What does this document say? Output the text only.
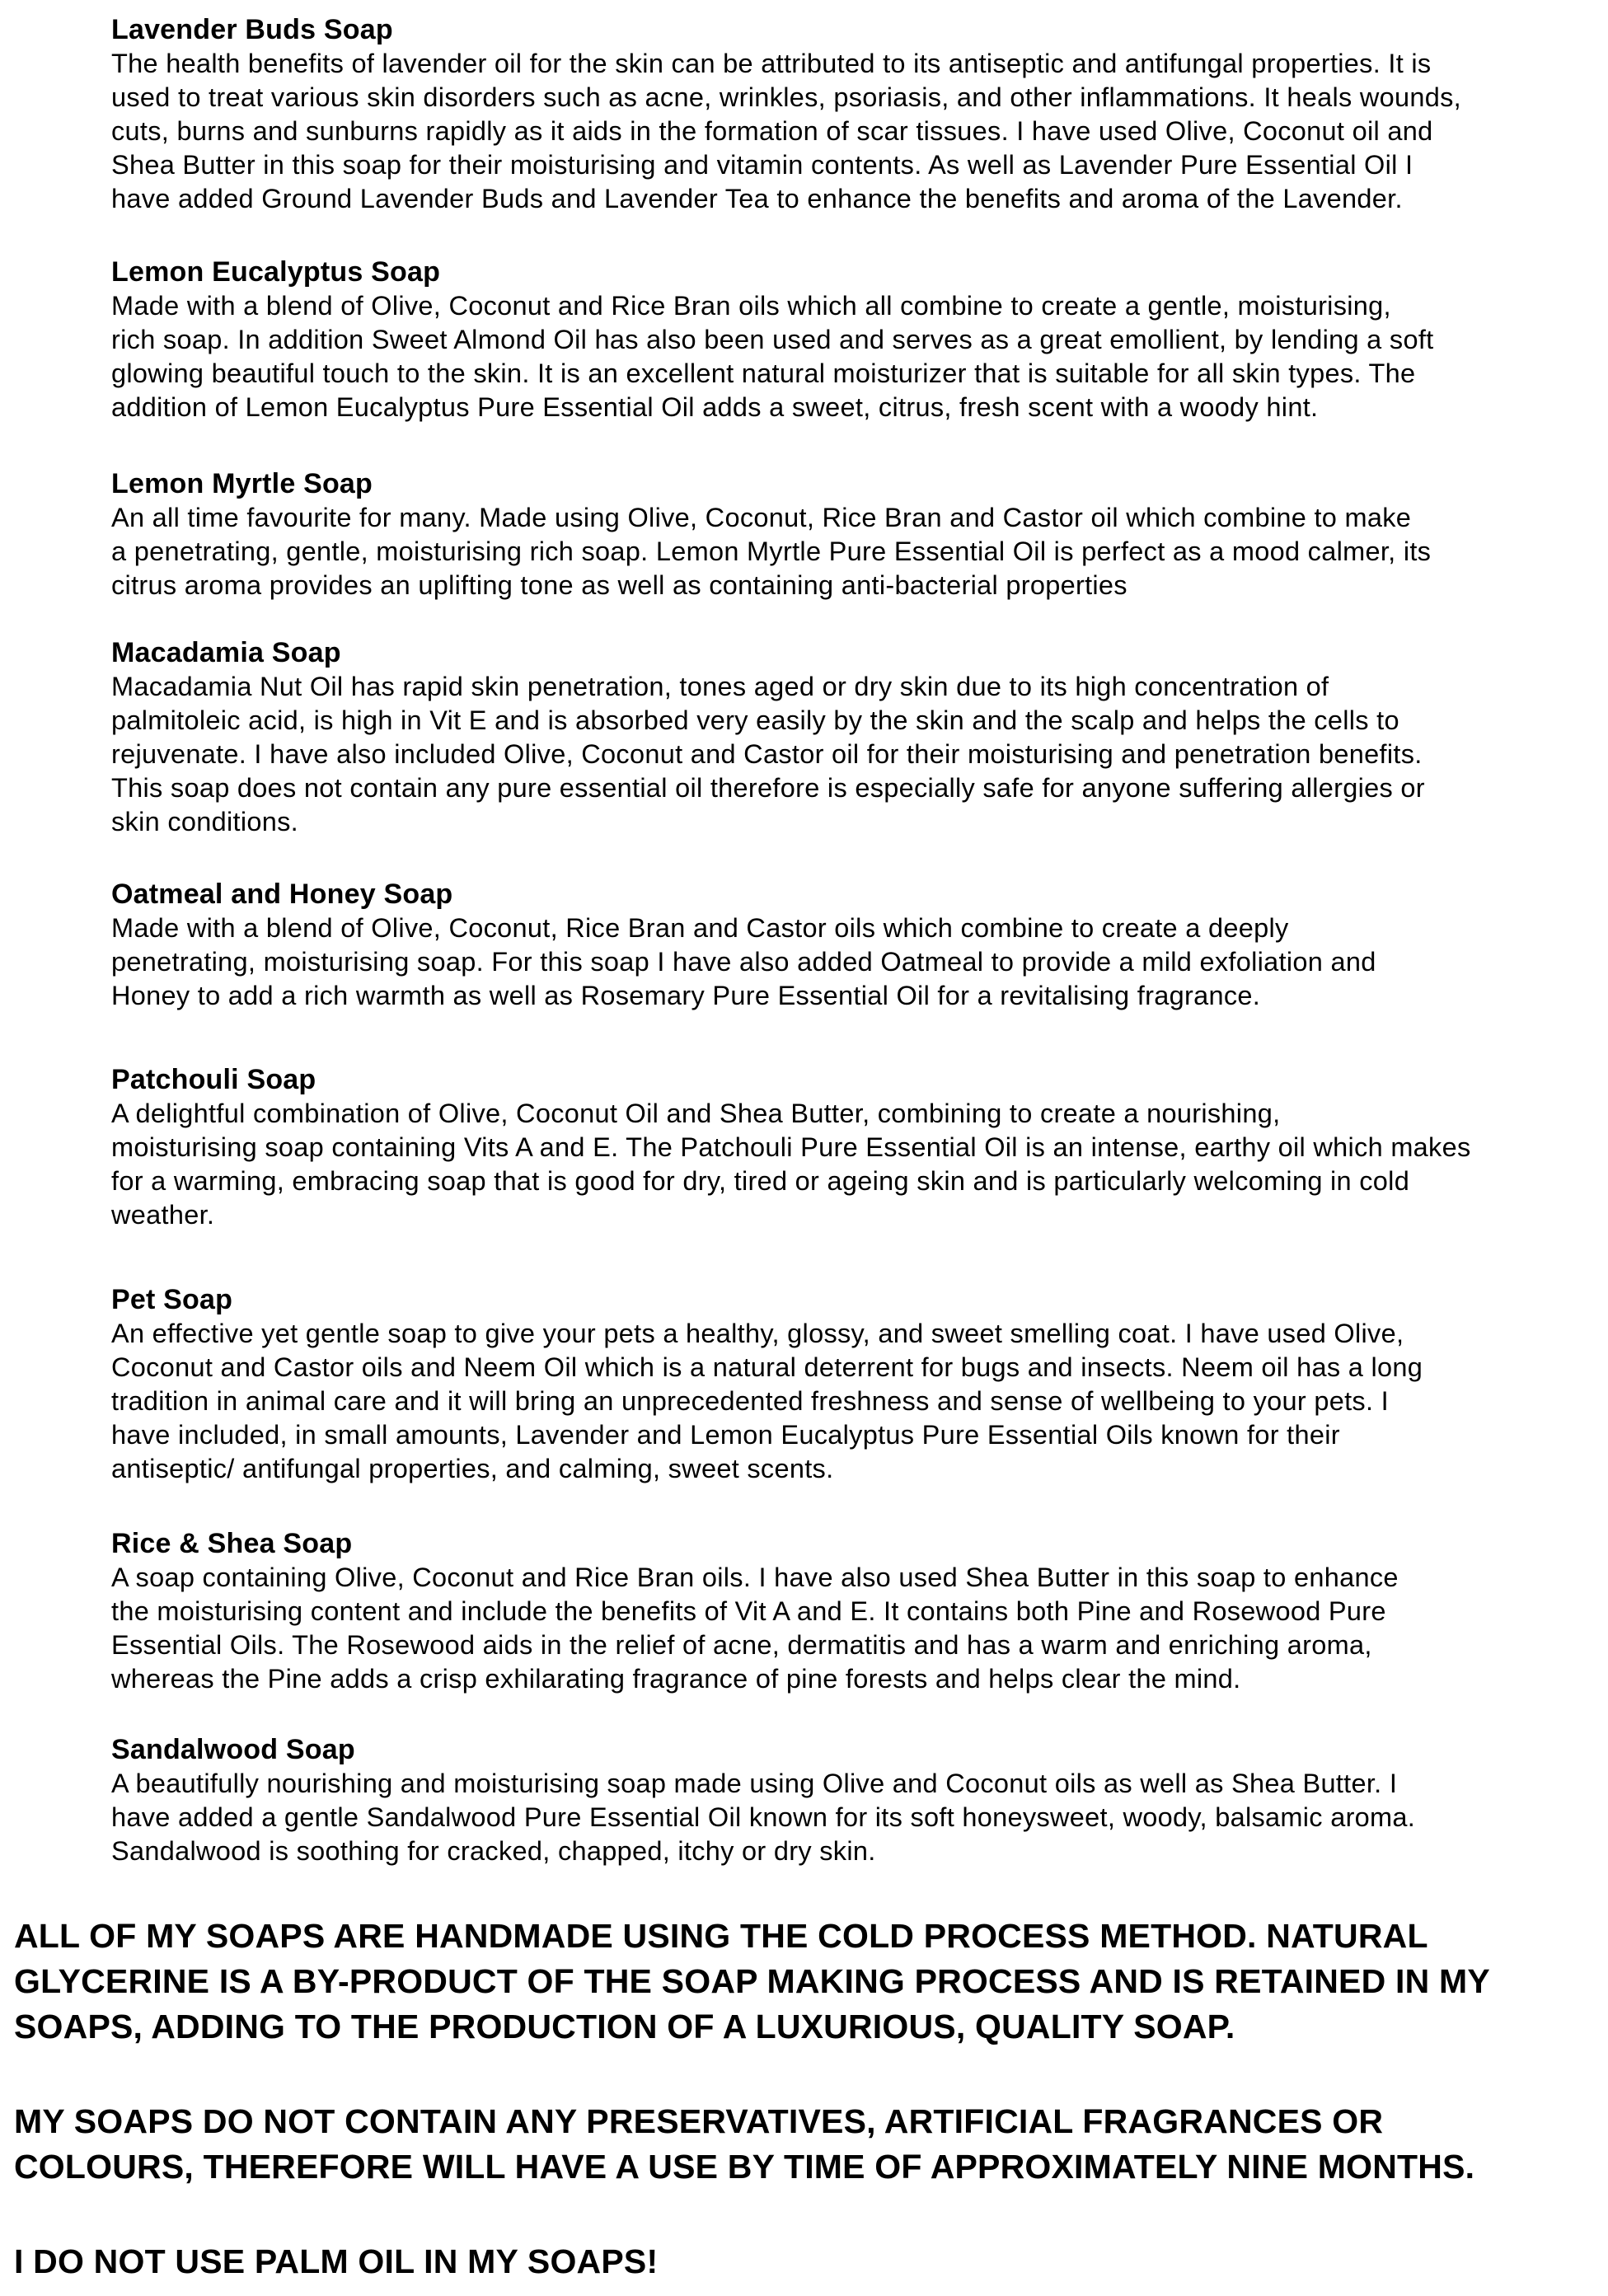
Lavender Buds Soap

The health benefits of lavender oil for the skin can be attributed to its antiseptic and antifungal properties. It is
used to treat various skin disorders such as acne, wrinkles, psoriasis, and other inflammations. It heals wounds,
cuts, burns and sunburns rapidly as it aids in the formation of scar tissues. I have used Olive, Coconut oil and
Shea Butter in this soap for their moisturising and vitamin contents. As well as Lavender Pure Essential Oil I
have added Ground Lavender Buds and Lavender Tea to enhance the benefits and aroma of the Lavender.

Lemon Eucalyptus Soap

Made with a blend of Olive, Coconut and Rice Bran oils which all combine to create a gentle, moisturising,
rich soap. In addition Sweet Almond Oil has also been used and serves as a great emollient, by lending a soft
glowing beautiful touch to the skin. It is an excellent natural moisturizer that is suitable for all skin types. The
addition of Lemon Eucalyptus Pure Essential Oil adds a sweet, citrus, fresh scent with a woody hint.

Lemon Myrtle Soap

An all time favourite for many. Made using Olive, Coconut, Rice Bran and Castor oil which combine to make
a penetrating, gentle, moisturising rich soap. Lemon Myrtle Pure Essential Oil is perfect as a mood calmer, its
citrus aroma provides an uplifting tone as well as containing anti-bacterial properties

Macadamia Soap

Macadamia Nut Oil has rapid skin penetration, tones aged or dry skin due to its high concentration of
palmitoleic acid, is high in Vit E and is absorbed very easily by the skin and the scalp and helps the cells to
rejuvenate. I have also included Olive, Coconut and Castor oil for their moisturising and penetration benefits.
This soap does not contain any pure essential oil therefore is especially safe for anyone suffering allergies or
skin conditions.

Oatmeal and Honey Soap

Made with a blend of Olive, Coconut, Rice Bran and Castor oils which combine to create a deeply
penetrating, moisturising soap. For this soap I have also added Oatmeal to provide a mild exfoliation and
Honey to add a rich warmth as well as Rosemary Pure Essential Oil for a revitalising fragrance.

Patchouli Soap

A delightful combination of Olive, Coconut Oil and Shea Butter, combining to create a nourishing,
moisturising soap containing Vits A and E. The Patchouli Pure Essential Oil is an intense, earthy oil which makes
for a warming, embracing soap that is good for dry, tired or ageing skin and is particularly welcoming in cold
weather.

Pet Soap

An effective yet gentle soap to give your pets a healthy, glossy, and sweet smelling coat. I have used Olive,
Coconut and Castor oils and Neem Oil which is a natural deterrent for bugs and insects. Neem oil has a long
tradition in animal care and it will bring an unprecedented freshness and sense of wellbeing to your pets. I
have included, in small amounts, Lavender and Lemon Eucalyptus Pure Essential Oils known for their
antiseptic/ antifungal properties, and calming, sweet scents.

Rice & Shea Soap

A soap containing Olive, Coconut and Rice Bran oils. I have also used Shea Butter in this soap to enhance
the moisturising content and include the benefits of Vit A and E. It contains both Pine and Rosewood Pure
Essential Oils. The Rosewood aids in the relief of acne, dermatitis and has a warm and enriching aroma,
whereas the Pine adds a crisp exhilarating fragrance of pine forests and helps clear the mind.

Sandalwood Soap

A beautifully nourishing and moisturising soap made using Olive and Coconut oils as well as Shea Butter. I
have added a gentle Sandalwood Pure Essential Oil known for its soft honeysweet, woody, balsamic aroma.
Sandalwood is soothing for cracked, chapped, itchy or dry skin.

ALL OF MY SOAPS ARE HANDMADE USING THE COLD PROCESS METHOD. NATURAL
GLYCERINE IS A BY-PRODUCT OF THE SOAP MAKING PROCESS AND IS RETAINED IN MY
SOAPS, ADDING TO THE PRODUCTION OF A LUXURIOUS, QUALITY SOAP.

MY SOAPS DO NOT CONTAIN ANY PRESERVATIVES, ARTIFICIAL FRAGRANCES OR
COLOURS, THEREFORE WILL HAVE A USE BY TIME OF APPROXIMATELY NINE MONTHS.

I DO NOT USE PALM OIL IN MY SOAPS!
